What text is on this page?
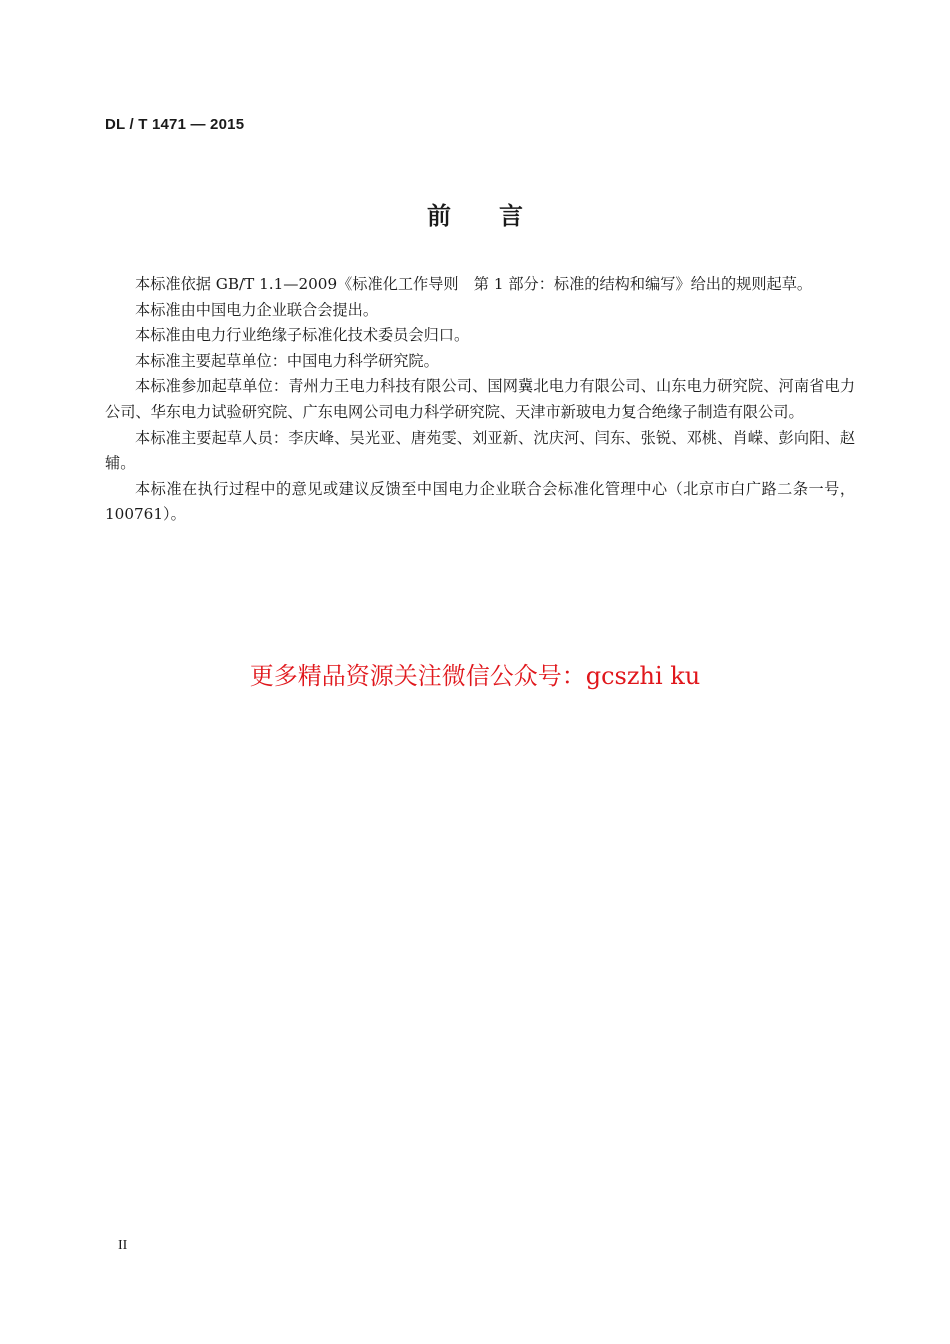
DL / T 1471 — 2015
前言

本标准依据 GB/T 1.1—2009《标准化工作导则　第 1 部分：标准的结构和编写》给出的规则起草。

本标准由中国电力企业联合会提出。

本标准由电力行业绝缘子标准化技术委员会归口。

本标准主要起草单位：中国电力科学研究院。

本标准参加起草单位：青州力王电力科技有限公司、国网冀北电力有限公司、山东电力研究院、河南省电力公司、华东电力试验研究院、广东电网公司电力科学研究院、天津市新玻电力复合绝缘子制造有限公司。

本标准主要起草人员：李庆峰、吴光亚、唐苑雯、刘亚新、沈庆河、闫东、张锐、邓桃、肖嵘、彭向阳、赵辅。

本标准在执行过程中的意见或建议反馈至中国电力企业联合会标准化管理中心（北京市白广路二条一号，100761）。

更多精品资源关注微信公众号：gcszhi ku
II
